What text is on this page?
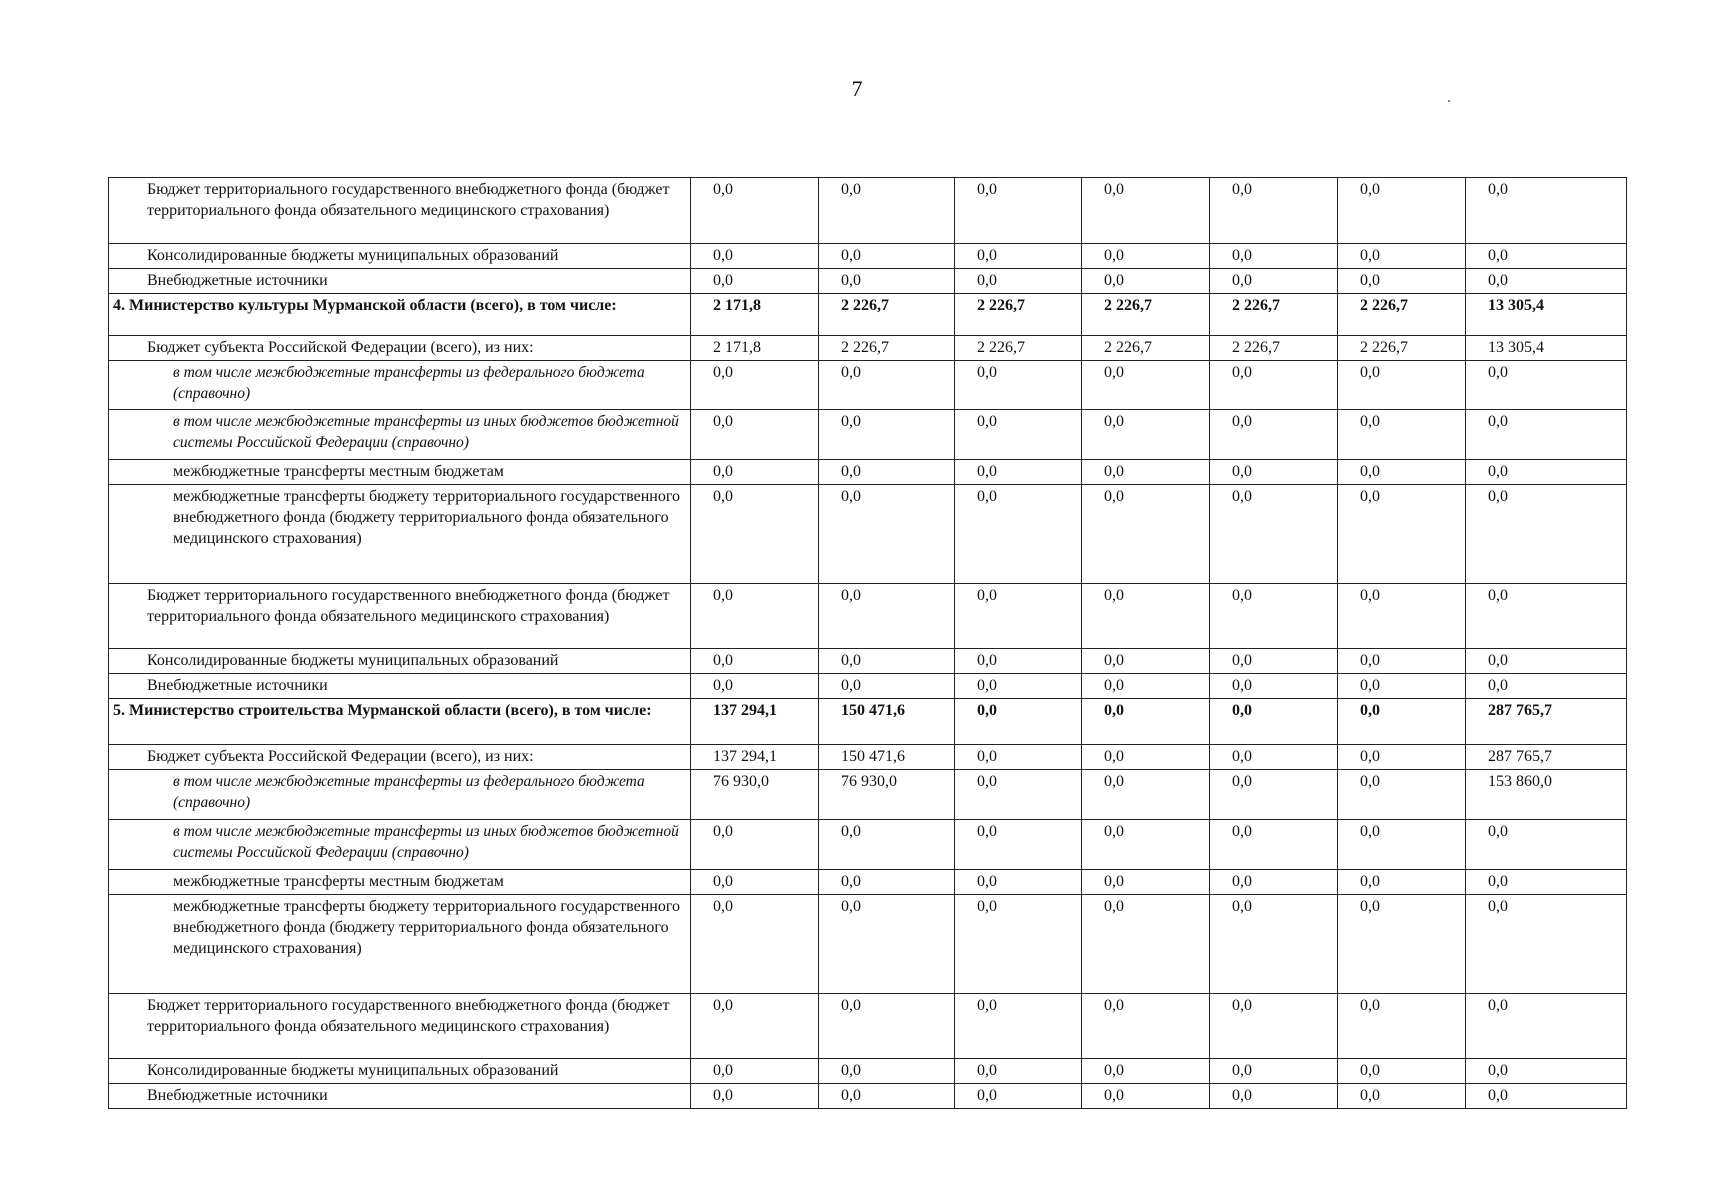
7
Бюджет территориального государственного внебюджетного фонда (бюджет территориального фонда обязательного медицинского страхования)	0,0	0,0	0,0	0,0	0,0	0,0	0,0
Консолидированные бюджеты муниципальных образований	0,0	0,0	0,0	0,0	0,0	0,0	0,0
Внебюджетные источники	0,0	0,0	0,0	0,0	0,0	0,0	0,0
4. Министерство культуры Мурманской области (всего), в том числе:	2 171,8	2 226,7	2 226,7	2 226,7	2 226,7	2 226,7	13 305,4
Бюджет субъекта Российской Федерации (всего), из них:	2 171,8	2 226,7	2 226,7	2 226,7	2 226,7	2 226,7	13 305,4
в том числе межбюджетные трансферты из федерального бюджета (справочно)	0,0	0,0	0,0	0,0	0,0	0,0	0,0
в том числе межбюджетные трансферты из иных бюджетов бюджетной системы Российской Федерации (справочно)	0,0	0,0	0,0	0,0	0,0	0,0	0,0
межбюджетные трансферты местным бюджетам	0,0	0,0	0,0	0,0	0,0	0,0	0,0
межбюджетные трансферты бюджету территориального государственного внебюджетного фонда (бюджету территориального фонда обязательного медицинского страхования)	0,0	0,0	0,0	0,0	0,0	0,0	0,0
Бюджет территориального государственного внебюджетного фонда (бюджет территориального фонда обязательного медицинского страхования)	0,0	0,0	0,0	0,0	0,0	0,0	0,0
Консолидированные бюджеты муниципальных образований	0,0	0,0	0,0	0,0	0,0	0,0	0,0
Внебюджетные источники	0,0	0,0	0,0	0,0	0,0	0,0	0,0
5. Министерство строительства Мурманской области (всего), в том числе:	137 294,1	150 471,6	0,0	0,0	0,0	0,0	287 765,7
Бюджет субъекта Российской Федерации (всего), из них:	137 294,1	150 471,6	0,0	0,0	0,0	0,0	287 765,7
в том числе межбюджетные трансферты из федерального бюджета (справочно)	76 930,0	76 930,0	0,0	0,0	0,0	0,0	153 860,0
в том числе межбюджетные трансферты из иных бюджетов бюджетной системы Российской Федерации (справочно)	0,0	0,0	0,0	0,0	0,0	0,0	0,0
межбюджетные трансферты местным бюджетам	0,0	0,0	0,0	0,0	0,0	0,0	0,0
межбюджетные трансферты бюджету территориального государственного внебюджетного фонда (бюджету территориального фонда обязательного медицинского страхования)	0,0	0,0	0,0	0,0	0,0	0,0	0,0
Бюджет территориального государственного внебюджетного фонда (бюджет территориального фонда обязательного медицинского страхования)	0,0	0,0	0,0	0,0	0,0	0,0	0,0
Консолидированные бюджеты муниципальных образований	0,0	0,0	0,0	0,0	0,0	0,0	0,0
Внебюджетные источники	0,0	0,0	0,0	0,0	0,0	0,0	0,0
